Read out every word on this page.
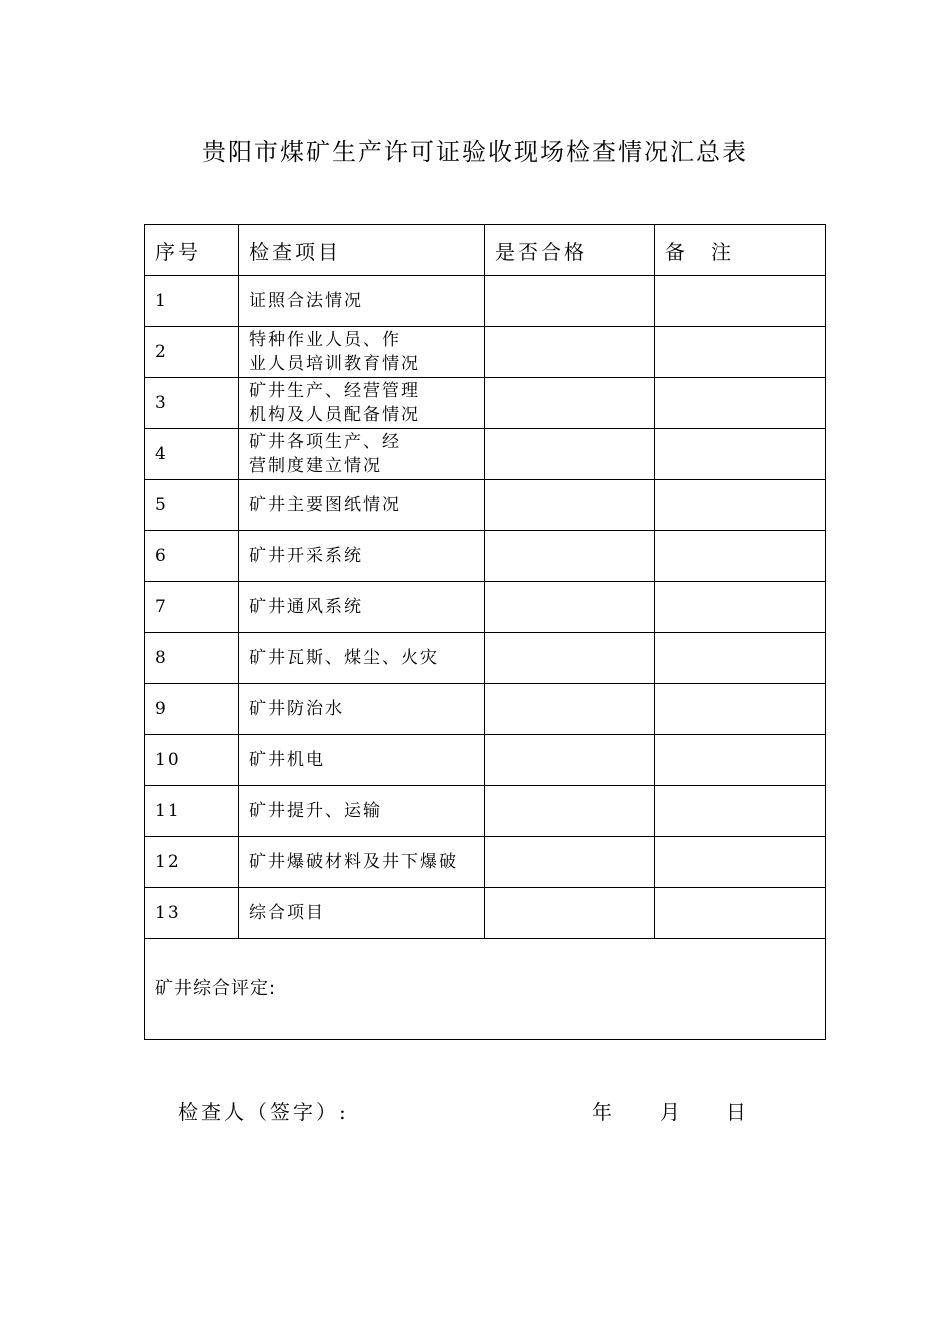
贵阳市煤矿生产许可证验收现场检查情况汇总表
序号	检查项目	是否合格	备　注
1	证照合法情况		

2	特种作业人员、作
业人员培训教育情况		

3	矿井生产、经营管理
机构及人员配备情况		

4	矿井各项生产、经
营制度建立情况		

5	矿井主要图纸情况		

6	矿井开采系统		

7	矿井通风系统		

8	矿井瓦斯、煤尘、火灾		

9	矿井防治水		

10	矿井机电		

11	矿井提升、运输		

12	矿井爆破材料及井下爆破		

13	综合项目		

矿井综合评定:			
检查人（签字）:	年 月 日
